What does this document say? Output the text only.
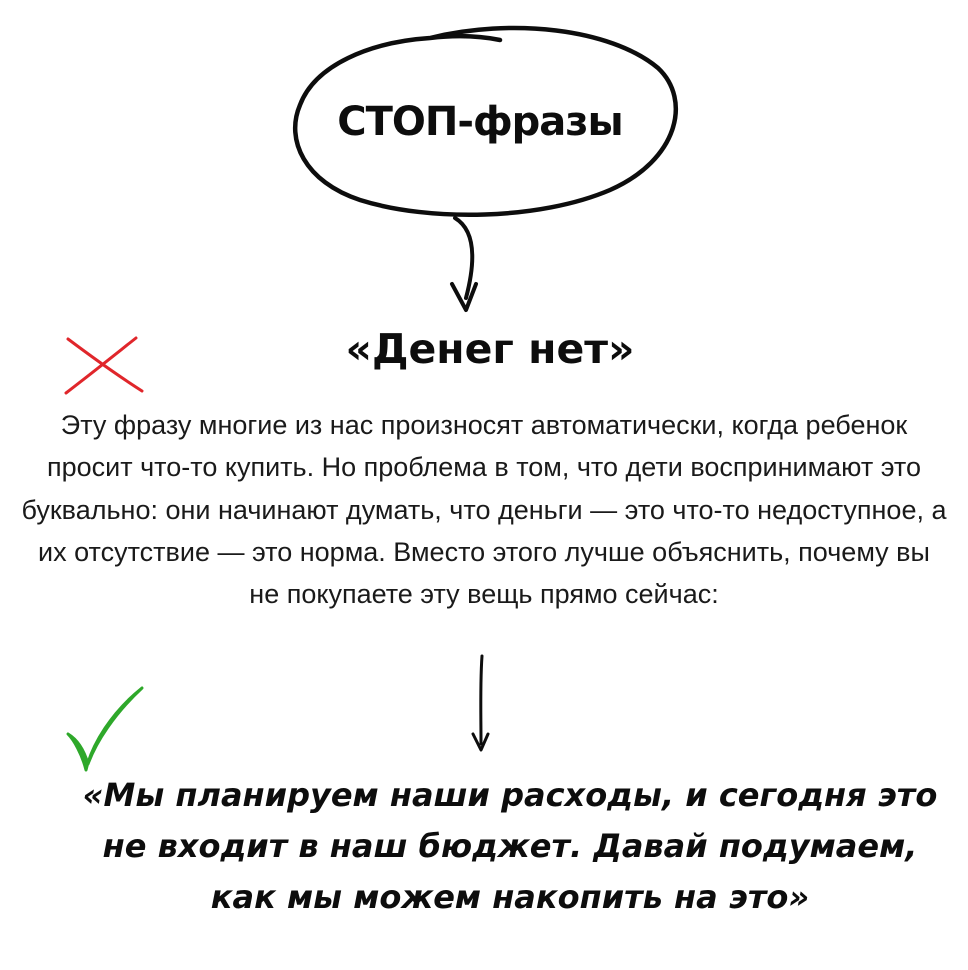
СТОП-фразы
«Денег нет»
Эту фразу многие из нас произносят автоматически, когда ребенок просит что-то купить. Но проблема в том, что дети воспринимают это буквально: они начинают думать, что деньги — это что-то недоступное, а их отсутствие — это норма. Вместо этого лучше объяснить, почему вы не покупаете эту вещь прямо сейчас:
«Мы планируем наши расходы, и сегодня это не входит в наш бюджет. Давай подумаем, как мы можем накопить на это»
